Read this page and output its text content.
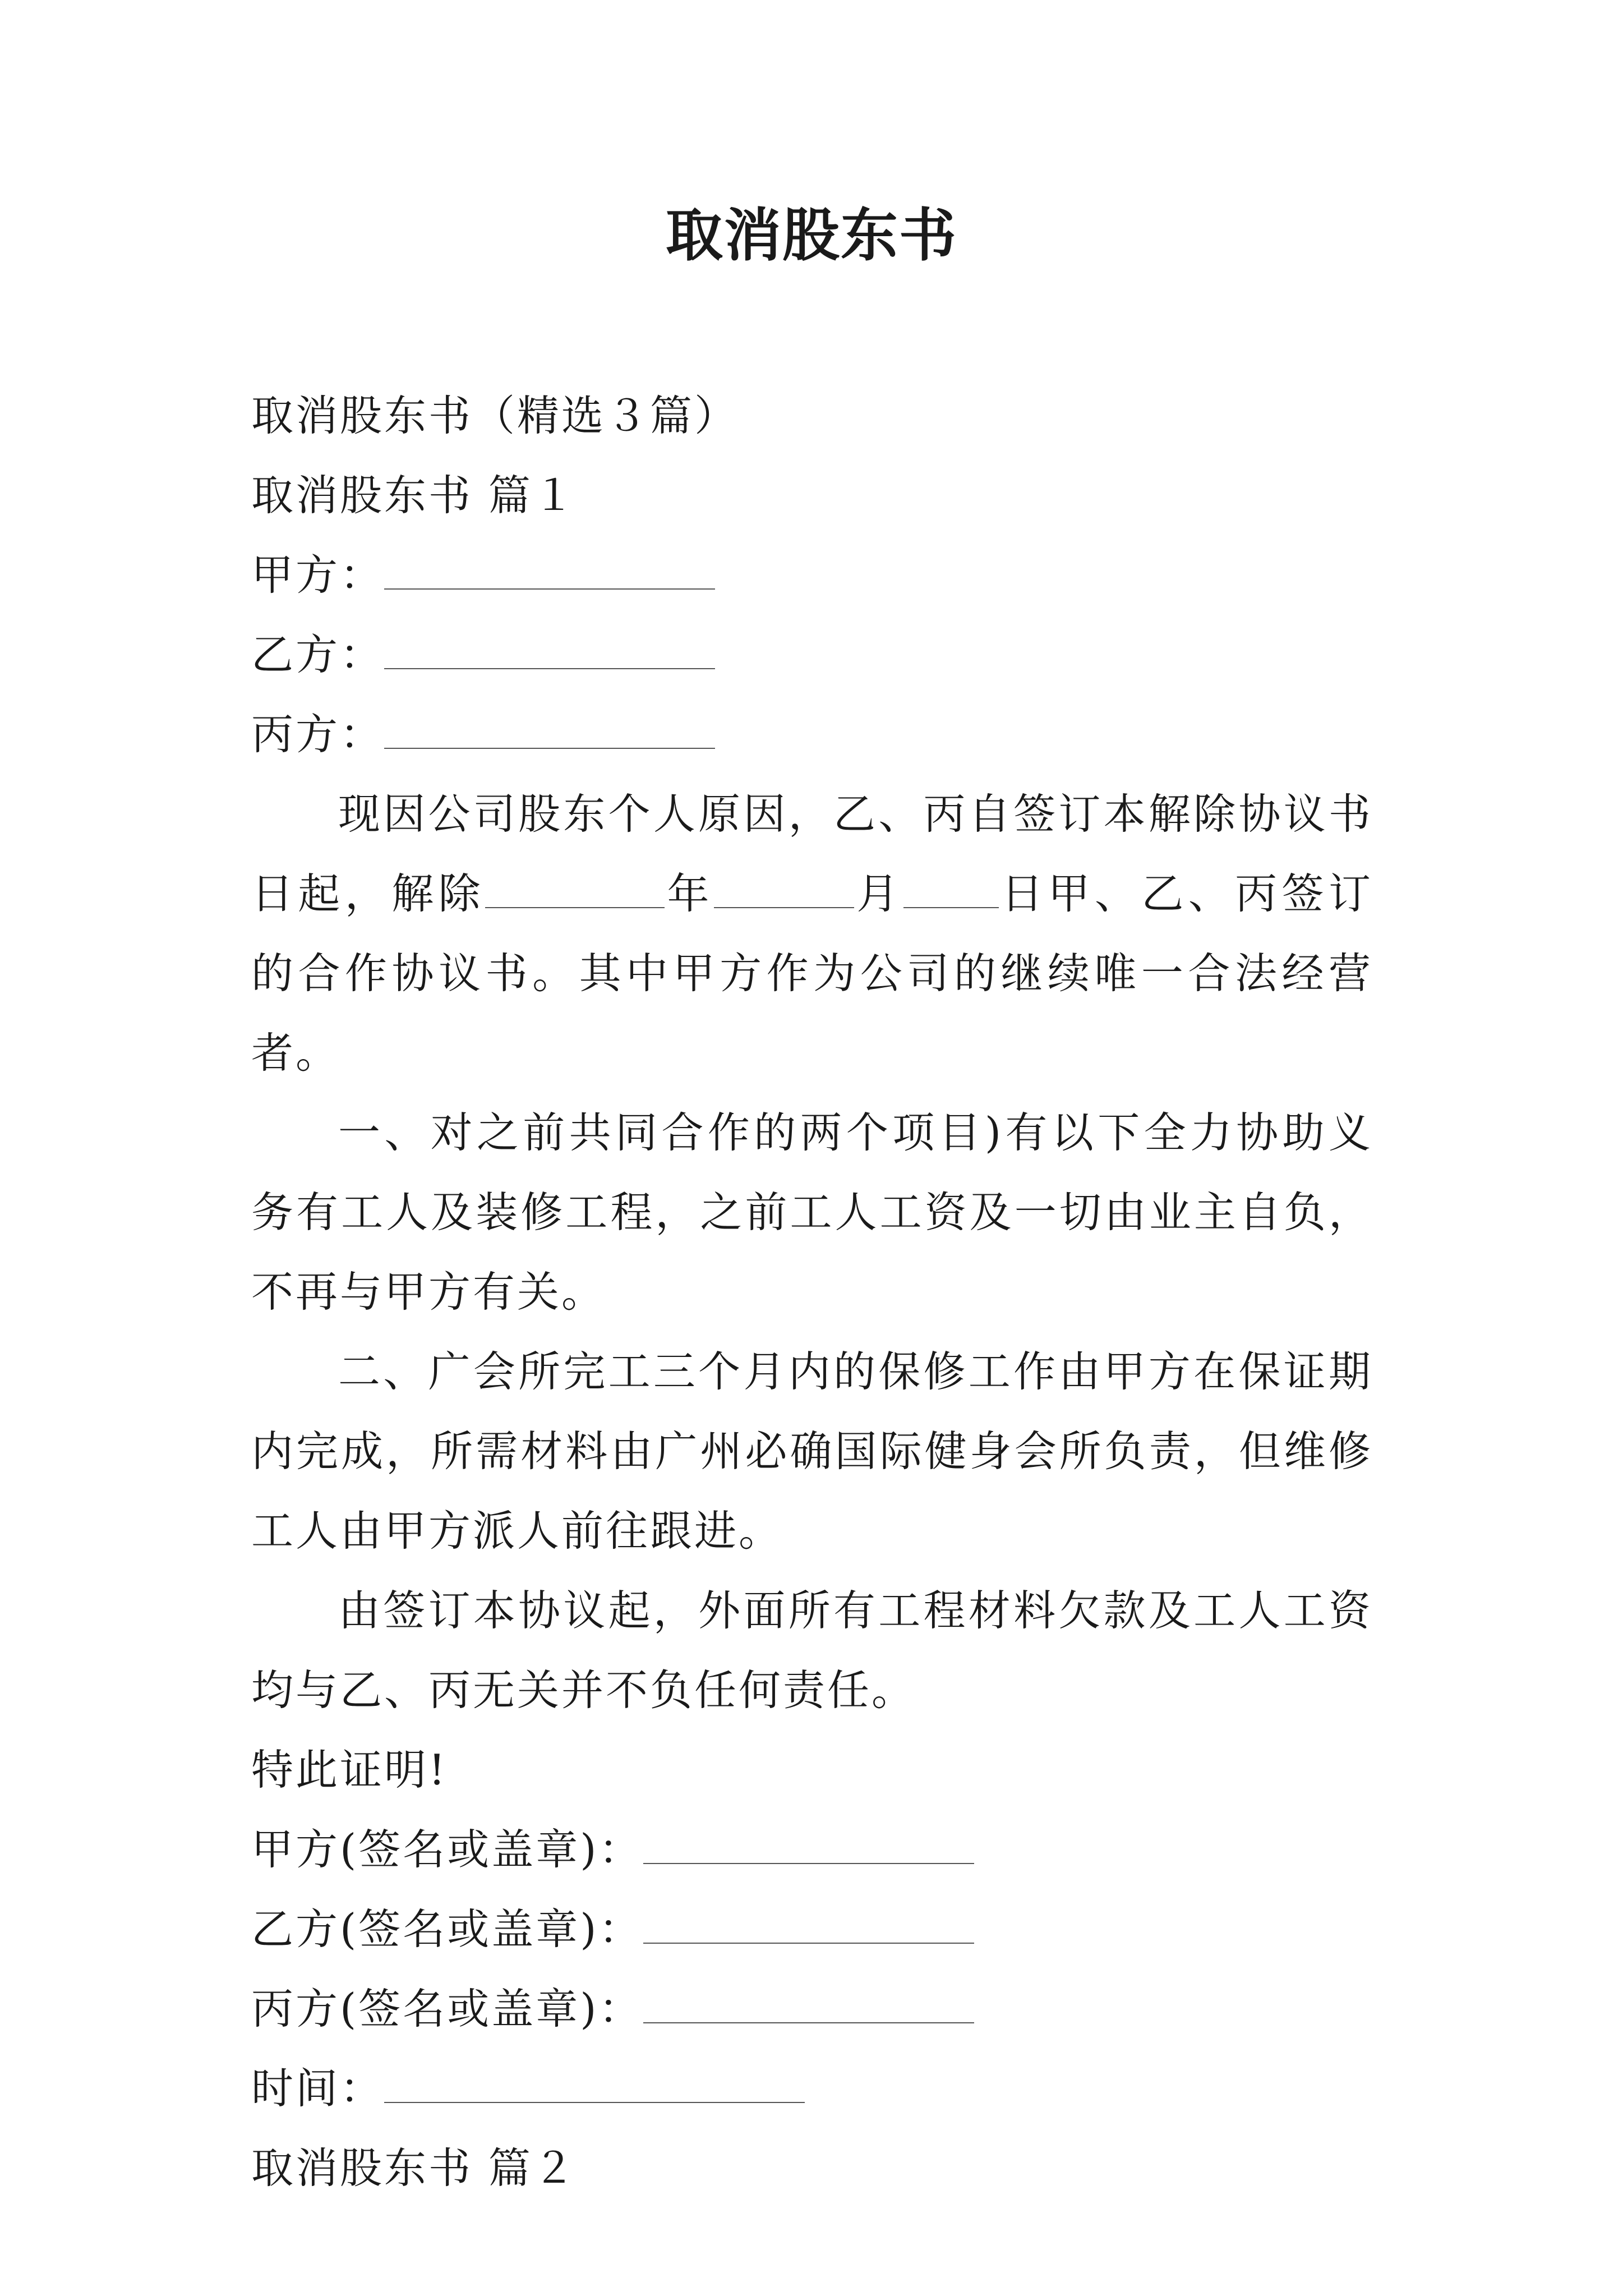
取消股东书

取消股东书（精选３篇）

取消股东书 篇１

甲方：

乙方：

丙方：

现因公司股东个人原因，乙、丙自签订本解除协议书日起，解除	年	月 日甲、乙、丙签订的合作协议书。其中甲方作为公司的继续唯一合法经营者。

一、对之前共同合作的两个项目)有以下全力协助义务有工人及装修工程，之前工人工资及一切由业主自负，不再与甲方有关。

二、广会所完工三个月内的保修工作由甲方在保证期内完成，所需材料由广州必确国际健身会所负责，但维修工人由甲方派人前往跟进。

由签订本协议起，外面所有工程材料欠款及工人工资均与乙、丙无关并不负任何责任。

特此证明!

甲方(签名或盖章)：

乙方(签名或盖章)：

丙方(签名或盖章)：

时间：

取消股东书 篇２
